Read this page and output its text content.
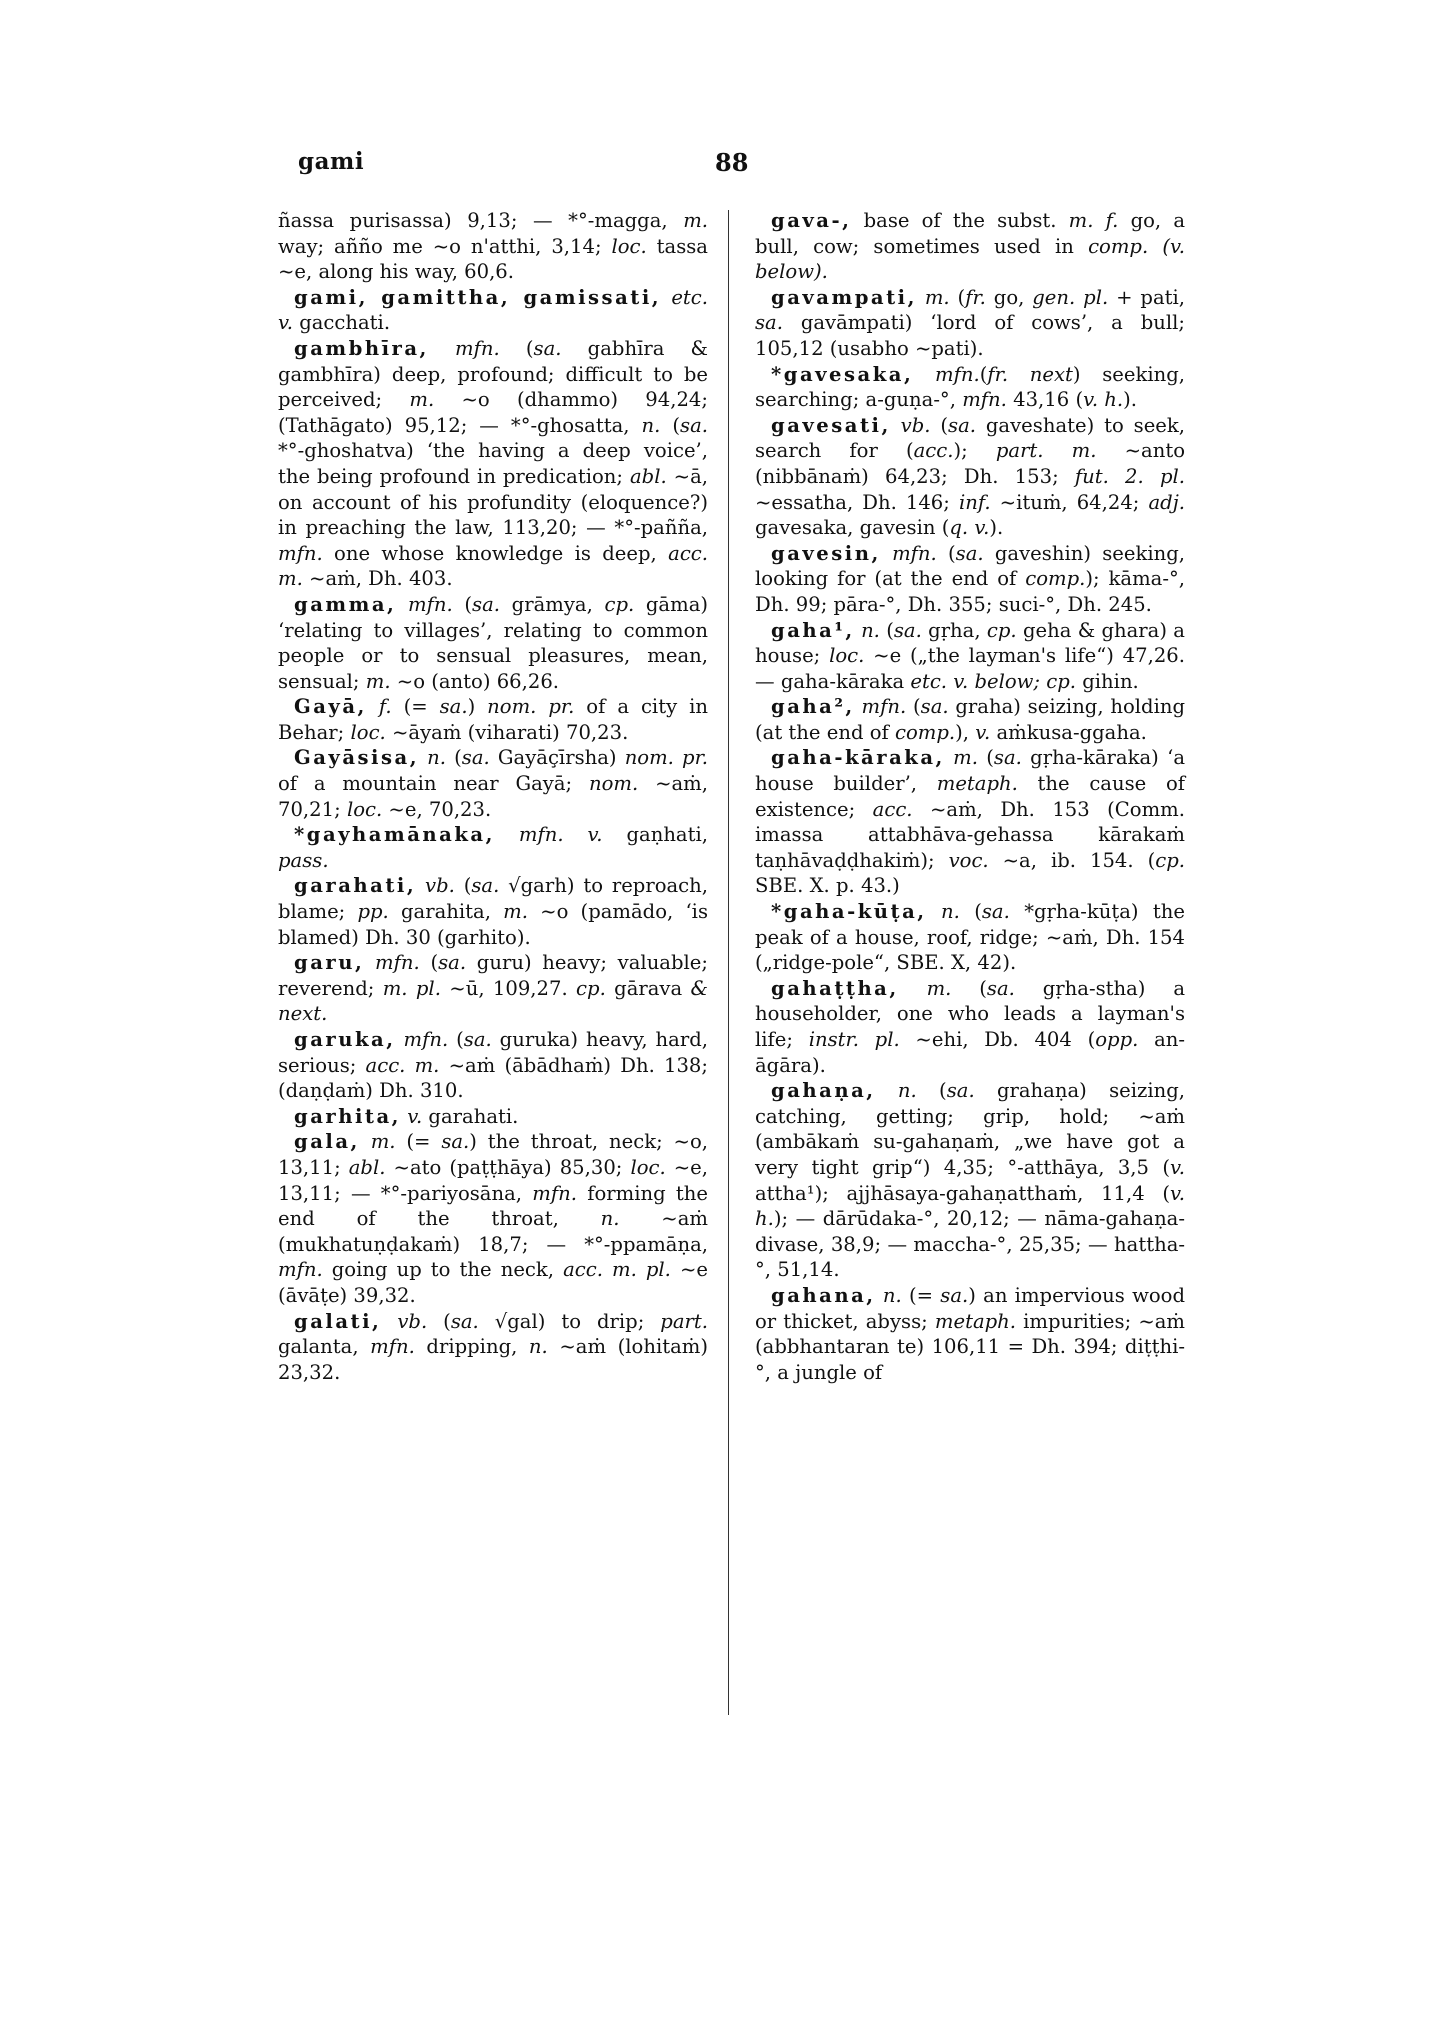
gami	88

ñassa purisassa) 9,13; — *°-magga, m. way; añño me ~o n'atthi, 3,14; loc. tassa ~e, along his way, 60,6.

gami, gamittha, gamissati, etc. v. gacchati.

gambhīra, mfn. (sa. gabhīra & gambhīra) deep, profound; difficult to be perceived; m. ~o (dhammo) 94,24; (Tathāgato) 95,12; — *°-ghosatta, n. (sa. *°-ghoshatva) ‘the having a deep voice’, the being profound in predication; abl. ~ā, on account of his profundity (eloquence?) in preaching the law, 113,20; — *°-pañña, mfn. one whose knowledge is deep, acc. m. ~aṁ, Dh. 403.

gamma, mfn. (sa. grāmya, cp. gāma) ‘relating to villages’, relating to common people or to sensual pleasures, mean, sensual; m. ~o (anto) 66,26.

Gayā, f. (= sa.) nom. pr. of a city in Behar; loc. ~āyaṁ (viharati) 70,23.

Gayāsisa, n. (sa. Gayāçīrsha) nom. pr. of a mountain near Gayā; nom. ~aṁ, 70,21; loc. ~e, 70,23.

*gayhamānaka, mfn. v. gaṇhati, pass.

garahati, vb. (sa. √garh) to reproach, blame; pp. garahita, m. ~o (pamādo, ‘is blamed) Dh. 30 (garhito).

garu, mfn. (sa. guru) heavy; valuable; reverend; m. pl. ~ū, 109,27. cp. gārava & next.

garuka, mfn. (sa. guruka) heavy, hard, serious; acc. m. ~aṁ (ābādhaṁ) Dh. 138; (daṇḍaṁ) Dh. 310.

garhita, v. garahati.

gala, m. (= sa.) the throat, neck; ~o, 13,11; abl. ~ato (paṭṭhāya) 85,30; loc. ~e, 13,11; — *°-pariyosāna, mfn. forming the end of the throat, n. ~aṁ (mukhatuṇḍakaṁ) 18,7; — *°-ppamāṇa, mfn. going up to the neck, acc. m. pl. ~e (āvāṭe) 39,32.

galati, vb. (sa. √gal) to drip; part. galanta, mfn. dripping, n. ~aṁ (lohitaṁ) 23,32.

gava-, base of the subst. m. f. go, a bull, cow; sometimes used in comp. (v. below).

gavampati, m. (fr. go, gen. pl. + pati, sa. gavāmpati) ‘lord of cows’, a bull; 105,12 (usabho ~pati).

*gavesaka, mfn.(fr. next) seeking, searching; a-guṇa-°, mfn. 43,16 (v. h.).

gavesati, vb. (sa. gaveshate) to seek, search for (acc.); part. m. ~anto (nibbānaṁ) 64,23; Dh. 153; fut. 2. pl. ~essatha, Dh. 146; inf. ~ituṁ, 64,24; adj. gavesaka, gavesin (q. v.).

gavesin, mfn. (sa. gaveshin) seeking, looking for (at the end of comp.); kāma-°, Dh. 99; pāra-°, Dh. 355; suci-°, Dh. 245.

gaha¹, n. (sa. gṛha, cp. geha & ghara) a house; loc. ~e („the layman's life“) 47,26. — gaha-kāraka etc. v. below; cp. gihin.

gaha², mfn. (sa. graha) seizing, holding (at the end of comp.), v. aṁkusa-ggaha.

gaha-kāraka, m. (sa. gṛha-kāraka) ‘a house builder’, metaph. the cause of existence; acc. ~aṁ, Dh. 153 (Comm. imassa attabhāva-gehassa kārakaṁ taṇhāvaḍḍhakiṁ); voc. ~a, ib. 154. (cp. SBE. X. p. 43.)

*gaha-kūṭa, n. (sa. *gṛha-kūṭa) the peak of a house, roof, ridge; ~aṁ, Dh. 154 („ridge-pole“, SBE. X, 42).

gahaṭṭha, m. (sa. gṛha-stha) a householder, one who leads a layman's life; instr. pl. ~ehi, Db. 404 (opp. an-āgāra).

gahaṇa, n. (sa. grahaṇa) seizing, catching, getting; grip, hold; ~aṁ (ambākaṁ su-gahaṇaṁ, „we have got a very tight grip“) 4,35; °-atthāya, 3,5 (v. attha¹); ajjhāsaya-gahaṇatthaṁ, 11,4 (v. h.); — dārūdaka-°, 20,12; — nāma-gahaṇa-divase, 38,9; — maccha-°, 25,35; — hattha-°, 51,14.

gahana, n. (= sa.) an impervious wood or thicket, abyss; metaph. impurities; ~aṁ (abbhantaran te) 106,11 = Dh. 394; diṭṭhi-°, a jungle of
